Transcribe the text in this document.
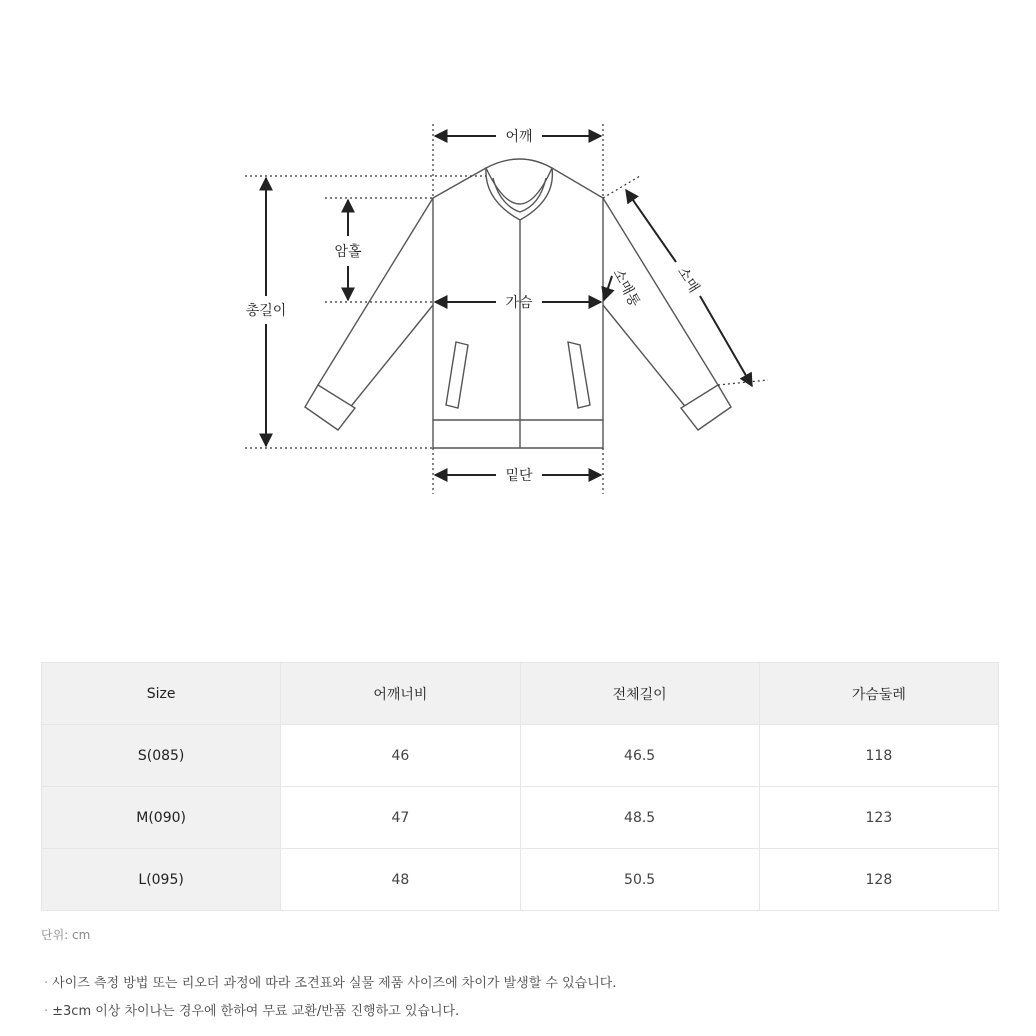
어깨
암홀
총길이	가슴
밑단
소매
소매통
Size	어깨너비	전체길이	가슴둘레
S(085)	46	46.5	118
M(090)	47	48.5	123
L(095)	48	50.5	128
단위: cm
· 사이즈 측정 방법 또는 리오더 과정에 따라 조견표와 실물 제품 사이즈에 차이가 발생할 수 있습니다.
· ±3cm 이상 차이나는 경우에 한하여 무료 교환/반품 진행하고 있습니다.
